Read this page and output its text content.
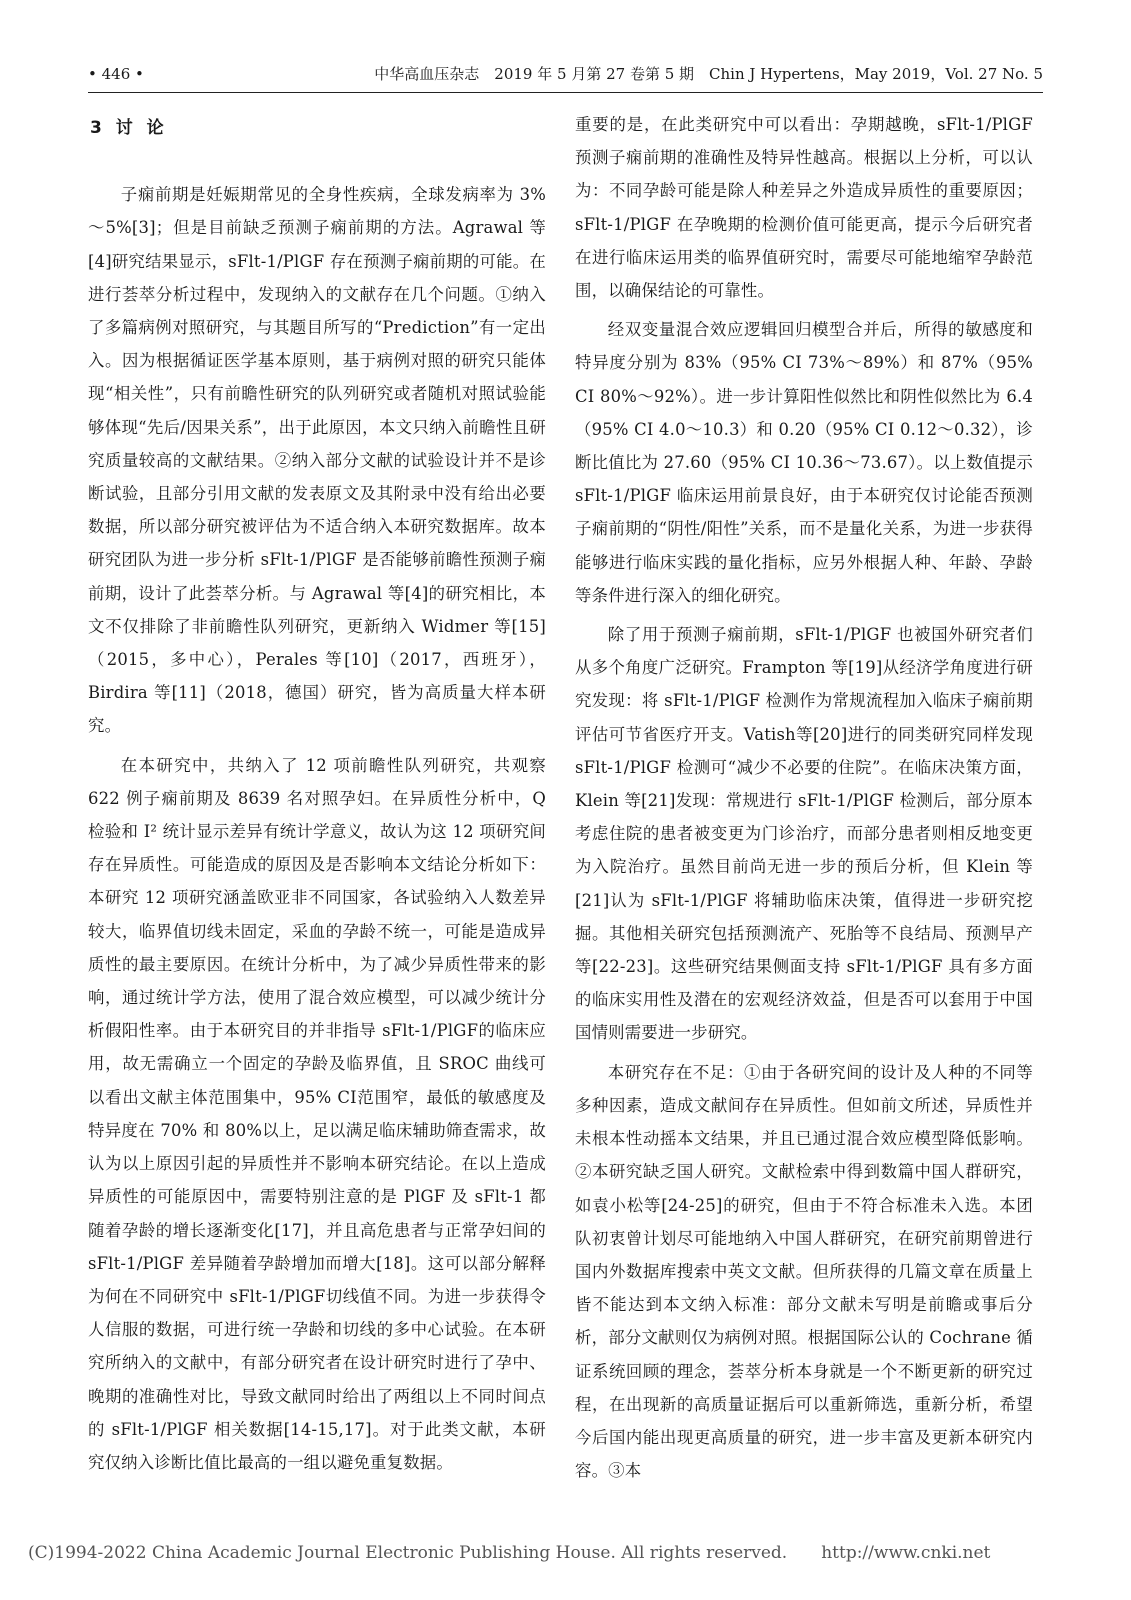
• 446 •	中华高血压杂志　2019 年 5 月第 27 卷第 5 期　Chin J Hypertens，May 2019，Vol. 27 No. 5
3 讨 论

子痫前期是妊娠期常见的全身性疾病，全球发病率为 3%～5%[3]；但是目前缺乏预测子痫前期的方法。Agrawal 等[4]研究结果显示，sFlt-1/PlGF 存在预测子痫前期的可能。在进行荟萃分析过程中，发现纳入的文献存在几个问题。①纳入了多篇病例对照研究，与其题目所写的“Prediction”有一定出入。因为根据循证医学基本原则，基于病例对照的研究只能体现“相关性”，只有前瞻性研究的队列研究或者随机对照试验能够体现“先后/因果关系”，出于此原因，本文只纳入前瞻性且研究质量较高的文献结果。②纳入部分文献的试验设计并不是诊断试验，且部分引用文献的发表原文及其附录中没有给出必要数据，所以部分研究被评估为不适合纳入本研究数据库。故本研究团队为进一步分析 sFlt-1/PlGF 是否能够前瞻性预测子痫前期，设计了此荟萃分析。与 Agrawal 等[4]的研究相比，本文不仅排除了非前瞻性队列研究，更新纳入 Widmer 等[15]（2015，多中心），Perales 等[10]（2017，西班牙），Birdira 等[11]（2018，德国）研究，皆为高质量大样本研究。

在本研究中，共纳入了 12 项前瞻性队列研究，共观察 622 例子痫前期及 8639 名对照孕妇。在异质性分析中，Q 检验和 I² 统计显示差异有统计学意义，故认为这 12 项研究间存在异质性。可能造成的原因及是否影响本文结论分析如下：本研究 12 项研究涵盖欧亚非不同国家，各试验纳入人数差异较大，临界值切线未固定，采血的孕龄不统一，可能是造成异质性的最主要原因。在统计分析中，为了减少异质性带来的影响，通过统计学方法，使用了混合效应模型，可以减少统计分析假阳性率。由于本研究目的并非指导 sFlt-1/PlGF的临床应用，故无需确立一个固定的孕龄及临界值，且 SROC 曲线可以看出文献主体范围集中，95% CI范围窄，最低的敏感度及特异度在 70% 和 80%以上，足以满足临床辅助筛查需求，故认为以上原因引起的异质性并不影响本研究结论。在以上造成异质性的可能原因中，需要特别注意的是 PlGF 及 sFlt-1 都随着孕龄的增长逐渐变化[17]，并且高危患者与正常孕妇间的 sFlt-1/PlGF 差异随着孕龄增加而增大[18]。这可以部分解释为何在不同研究中 sFlt-1/PlGF切线值不同。为进一步获得令人信服的数据，可进行统一孕龄和切线的多中心试验。在本研究所纳入的文献中，有部分研究者在设计研究时进行了孕中、晚期的准确性对比，导致文献同时给出了两组以上不同时间点的 sFlt-1/PlGF 相关数据[14-15,17]。对于此类文献，本研究仅纳入诊断比值比最高的一组以避免重复数据。

重要的是，在此类研究中可以看出：孕期越晚，sFlt-1/PlGF 预测子痫前期的准确性及特异性越高。根据以上分析，可以认为：不同孕龄可能是除人种差异之外造成异质性的重要原因；sFlt-1/PlGF 在孕晚期的检测价值可能更高，提示今后研究者在进行临床运用类的临界值研究时，需要尽可能地缩窄孕龄范围，以确保结论的可靠性。

经双变量混合效应逻辑回归模型合并后，所得的敏感度和特异度分别为 83%（95% CI 73%～89%）和 87%（95% CI 80%～92%）。进一步计算阳性似然比和阴性似然比为 6.4（95% CI 4.0～10.3）和 0.20（95% CI 0.12～0.32），诊断比值比为 27.60（95% CI 10.36～73.67）。以上数值提示 sFlt-1/PlGF 临床运用前景良好，由于本研究仅讨论能否预测子痫前期的“阴性/阳性”关系，而不是量化关系，为进一步获得能够进行临床实践的量化指标，应另外根据人种、年龄、孕龄等条件进行深入的细化研究。

除了用于预测子痫前期，sFlt-1/PlGF 也被国外研究者们从多个角度广泛研究。Frampton 等[19]从经济学角度进行研究发现：将 sFlt-1/PlGF 检测作为常规流程加入临床子痫前期评估可节省医疗开支。Vatish等[20]进行的同类研究同样发现 sFlt-1/PlGF 检测可“减少不必要的住院”。在临床决策方面，Klein 等[21]发现：常规进行 sFlt-1/PlGF 检测后，部分原本考虑住院的患者被变更为门诊治疗，而部分患者则相反地变更为入院治疗。虽然目前尚无进一步的预后分析，但 Klein 等[21]认为 sFlt-1/PlGF 将辅助临床决策，值得进一步研究挖掘。其他相关研究包括预测流产、死胎等不良结局、预测早产等[22-23]。这些研究结果侧面支持 sFlt-1/PlGF 具有多方面的临床实用性及潜在的宏观经济效益，但是否可以套用于中国国情则需要进一步研究。

本研究存在不足：①由于各研究间的设计及人种的不同等多种因素，造成文献间存在异质性。但如前文所述，异质性并未根本性动摇本文结果，并且已通过混合效应模型降低影响。②本研究缺乏国人研究。文献检索中得到数篇中国人群研究，如袁小松等[24-25]的研究，但由于不符合标准未入选。本团队初衷曾计划尽可能地纳入中国人群研究，在研究前期曾进行国内外数据库搜索中英文文献。但所获得的几篇文章在质量上皆不能达到本文纳入标准：部分文献未写明是前瞻或事后分析，部分文献则仅为病例对照。根据国际公认的 Cochrane 循证系统回顾的理念，荟萃分析本身就是一个不断更新的研究过程，在出现新的高质量证据后可以重新筛选，重新分析，希望今后国内能出现更高质量的研究，进一步丰富及更新本研究内容。③本

(C)1994-2022 China Academic Journal Electronic Publishing House. All rights reserved.　　http://www.cnki.net
